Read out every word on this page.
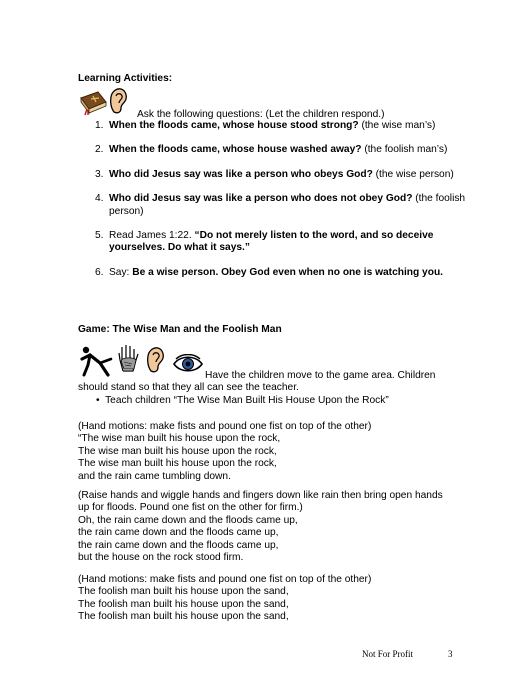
Learning Activities:
Ask the following questions: (Let the children respond.)
1. When the floods came, whose house stood strong? (the wise man’s)
2. When the floods came, whose house washed away? (the foolish man’s)
3. Who did Jesus say was like a person who obeys God? (the wise person)
4. Who did Jesus say was like a person who does not obey God? (the foolish person)
5. Read James 1:22. “Do not merely listen to the word, and so deceive yourselves. Do what it says.”
6. Say: Be a wise person. Obey God even when no one is watching you.
Game: The Wise Man and the Foolish Man
Have the children move to the game area. Children should stand so that they all can see the teacher.
• Teach children “The Wise Man Built His House Upon the Rock”
(Hand motions: make fists and pound one fist on top of the other)
“The wise man built his house upon the rock,
The wise man built his house upon the rock,
The wise man built his house upon the rock,
and the rain came tumbling down.
(Raise hands and wiggle hands and fingers down like rain then bring open hands
up for floods. Pound one fist on the other for firm.)
Oh, the rain came down and the floods came up,
the rain came down and the floods came up,
the rain came down and the floods came up,
but the house on the rock stood firm.
(Hand motions: make fists and pound one fist on top of the other)
The foolish man built his house upon the sand,
The foolish man built his house upon the sand,
The foolish man built his house upon the sand,
Not For Profit	3
